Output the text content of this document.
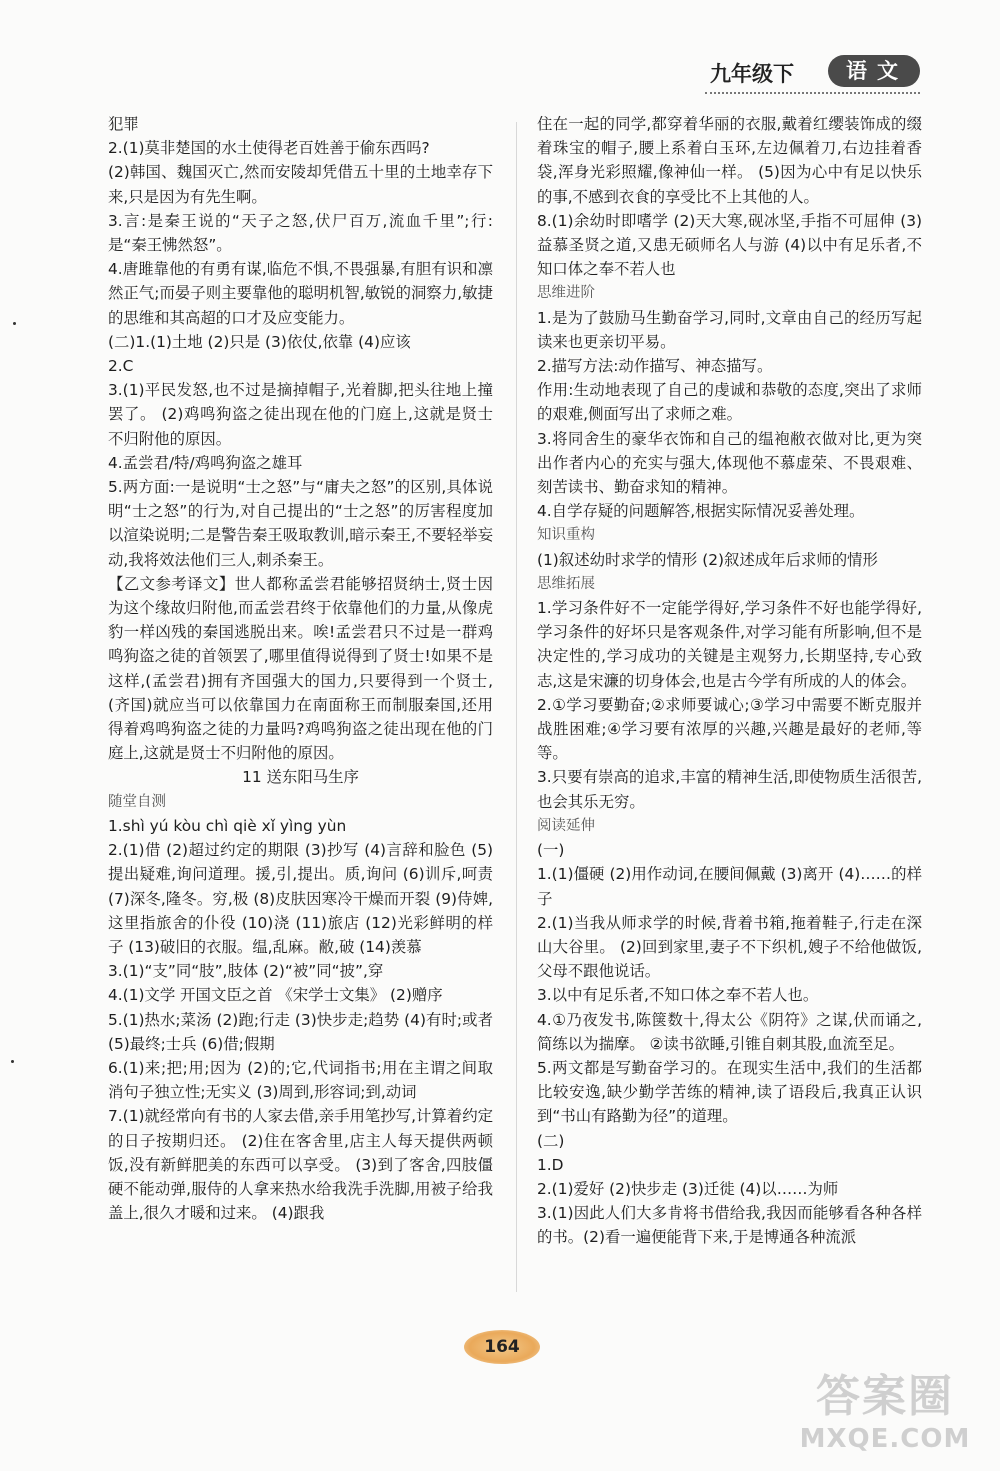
九年级下	语文

犯罪

2.(1)莫非楚国的水土使得老百姓善于偷东西吗?

(2)韩国、魏国灭亡,然而安陵却凭借五十里的土地幸存下来,只是因为有先生啊。

3.言:是秦王说的“天子之怒,伏尸百万,流血千里”;行:是“秦王怫然怒”。

4.唐雎靠他的有勇有谋,临危不惧,不畏强暴,有胆有识和凛然正气;而晏子则主要靠他的聪明机智,敏锐的洞察力,敏捷的思维和其高超的口才及应变能力。

(二)1.(1)土地 (2)只是 (3)依仗,依靠 (4)应该

2.C

3.(1)平民发怒,也不过是摘掉帽子,光着脚,把头往地上撞罢了。 (2)鸡鸣狗盗之徒出现在他的门庭上,这就是贤士不归附他的原因。

4.孟尝君/特/鸡鸣狗盗之雄耳

5.两方面:一是说明“士之怒”与“庸夫之怒”的区别,具体说明“士之怒”的行为,对自己提出的“士之怒”的厉害程度加以渲染说明;二是警告秦王吸取教训,暗示秦王,不要轻举妄动,我将效法他们三人,刺杀秦王。

【乙文参考译文】世人都称孟尝君能够招贤纳士,贤士因为这个缘故归附他,而孟尝君终于依靠他们的力量,从像虎豹一样凶残的秦国逃脱出来。唉!孟尝君只不过是一群鸡鸣狗盗之徒的首领罢了,哪里值得说得到了贤士!如果不是这样,(孟尝君)拥有齐国强大的国力,只要得到一个贤士,(齐国)就应当可以依靠国力在南面称王而制服秦国,还用得着鸡鸣狗盗之徒的力量吗?鸡鸣狗盗之徒出现在他的门庭上,这就是贤士不归附他的原因。

11 送东阳马生序

随堂自测

1.shì yú kòu chì qiè xǐ yìng yùn

2.(1)借 (2)超过约定的期限 (3)抄写 (4)言辞和脸色 (5)提出疑难,询问道理。援,引,提出。质,询问 (6)训斥,呵责 (7)深冬,隆冬。穷,极 (8)皮肤因寒冷干燥而开裂 (9)侍婢,这里指旅舍的仆役 (10)浇 (11)旅店 (12)光彩鲜明的样子 (13)破旧的衣服。缊,乱麻。敝,破 (14)羡慕

3.(1)“支”同“肢”,肢体 (2)“被”同“披”,穿

4.(1)文学 开国文臣之首 《宋学士文集》 (2)赠序

5.(1)热水;菜汤 (2)跑;行走 (3)快步走;趋势 (4)有时;或者 (5)最终;士兵 (6)借;假期

6.(1)来;把;用;因为 (2)的;它,代词指书;用在主谓之间取消句子独立性;无实义 (3)周到,形容词;到,动词

7.(1)就经常向有书的人家去借,亲手用笔抄写,计算着约定的日子按期归还。 (2)住在客舍里,店主人每天提供两顿饭,没有新鲜肥美的东西可以享受。 (3)到了客舍,四肢僵硬不能动弹,服侍的人拿来热水给我洗手洗脚,用被子给我盖上,很久才暖和过来。 (4)跟我

住在一起的同学,都穿着华丽的衣服,戴着红缨装饰成的缀着珠宝的帽子,腰上系着白玉环,左边佩着刀,右边挂着香袋,浑身光彩照耀,像神仙一样。 (5)因为心中有足以快乐的事,不感到衣食的享受比不上其他的人。

8.(1)余幼时即嗜学 (2)天大寒,砚冰坚,手指不可屈伸 (3)益慕圣贤之道,又患无硕师名人与游 (4)以中有足乐者,不知口体之奉不若人也

思维进阶

1.是为了鼓励马生勤奋学习,同时,文章由自己的经历写起读来也更亲切平易。

2.描写方法:动作描写、神态描写。

作用:生动地表现了自己的虔诚和恭敬的态度,突出了求师的艰难,侧面写出了求师之难。

3.将同舍生的豪华衣饰和自己的缊袍敝衣做对比,更为突出作者内心的充实与强大,体现他不慕虚荣、不畏艰难、刻苦读书、勤奋求知的精神。

4.自学存疑的问题解答,根据实际情况妥善处理。

知识重构

(1)叙述幼时求学的情形 (2)叙述成年后求师的情形

思维拓展

1.学习条件好不一定能学得好,学习条件不好也能学得好,学习条件的好坏只是客观条件,对学习能有所影响,但不是决定性的,学习成功的关键是主观努力,长期坚持,专心致志,这是宋濂的切身体会,也是古今学有所成的人的体会。

2.①学习要勤奋;②求师要诚心;③学习中需要不断克服并战胜困难;④学习要有浓厚的兴趣,兴趣是最好的老师,等等。

3.只要有崇高的追求,丰富的精神生活,即使物质生活很苦,也会其乐无穷。

阅读延伸

(一)

1.(1)僵硬 (2)用作动词,在腰间佩戴 (3)离开 (4)……的样子

2.(1)当我从师求学的时候,背着书箱,拖着鞋子,行走在深山大谷里。 (2)回到家里,妻子不下织机,嫂子不给他做饭,父母不跟他说话。

3.以中有足乐者,不知口体之奉不若人也。

4.①乃夜发书,陈箧数十,得太公《阴符》之谋,伏而诵之,简练以为揣摩。 ②读书欲睡,引锥自刺其股,血流至足。

5.两文都是写勤奋学习的。在现实生活中,我们的生活都比较安逸,缺少勤学苦练的精神,读了语段后,我真正认识到“书山有路勤为径”的道理。

(二)

1.D

2.(1)爱好 (2)快步走 (3)迁徙 (4)以……为师

3.(1)因此人们大多肯将书借给我,我因而能够看各种各样的书。(2)看一遍便能背下来,于是博通各种流派

164
答案圈
MXQE.COM
